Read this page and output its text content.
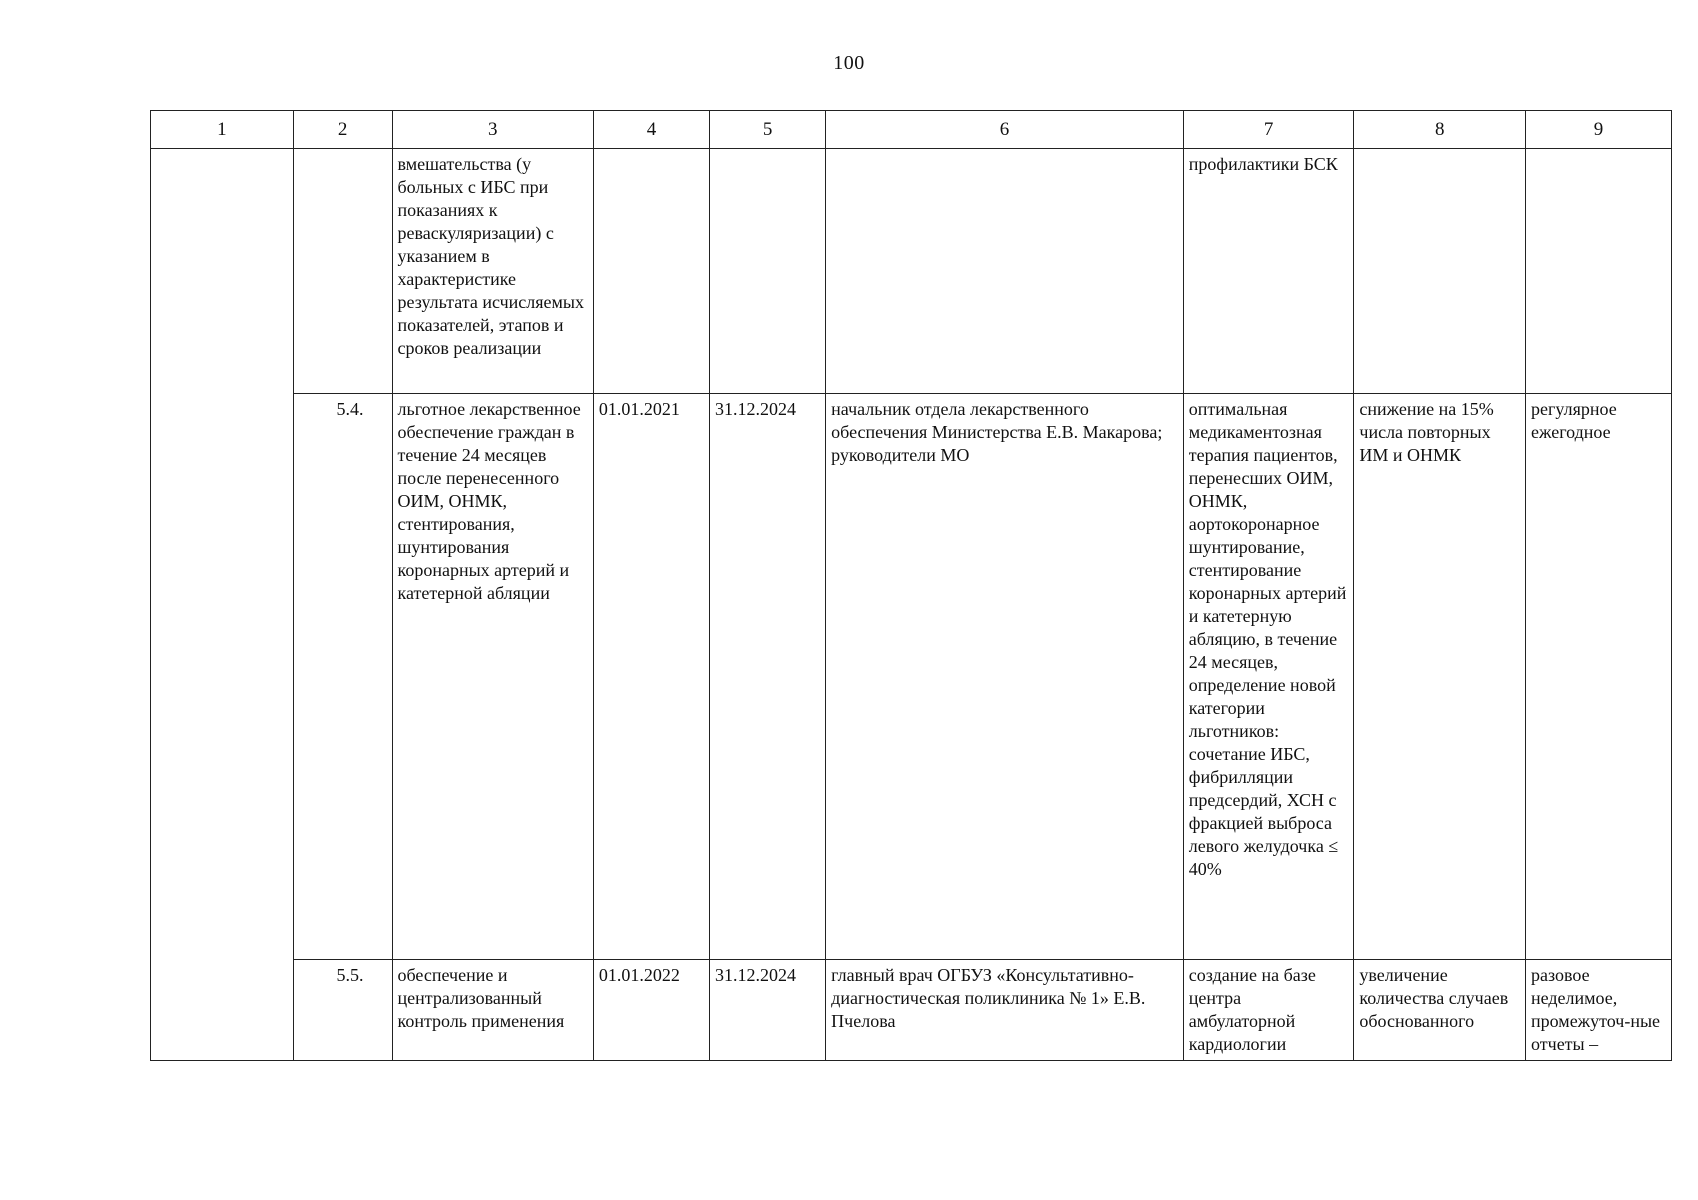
100
1	2	3	4	5	6	7	8	9
		вмешательства (у больных с ИБС при показаниях к реваскуляризации) с указанием в характеристике результата исчисляемых показателей, этапов и сроков реализации				профилактики БСК		
	5.4.	льготное лекарственное обеспечение граждан в течение 24 месяцев после перенесенного ОИМ, ОНМК, стентирования, шунтирования коронарных артерий и катетерной абляции	01.01.2021	31.12.2024	начальник отдела лекарственного обеспечения Министерства Е.В. Макарова; руководители МО	оптимальная медикаментозная терапия пациентов, перенесших ОИМ, ОНМК, аортокоронарное шунтирование, стентирование коронарных артерий и катетерную абляцию, в течение 24 месяцев, определение новой категории льготников: сочетание ИБС, фибрилляции предсердий, ХСН с фракцией выброса левого желудочка ≤ 40%	снижение на 15% числа повторных ИМ и ОНМК	регулярное ежегодное
	5.5.	обеспечение и централизованный контроль применения	01.01.2022	31.12.2024	главный врач ОГБУЗ «Консультативно-диагностическая поликлиника № 1» Е.В. Пчелова	создание на базе центра амбулаторной кардиологии	увеличение количества случаев обоснованного	разовое неделимое, промежуточ-ные отчеты –
